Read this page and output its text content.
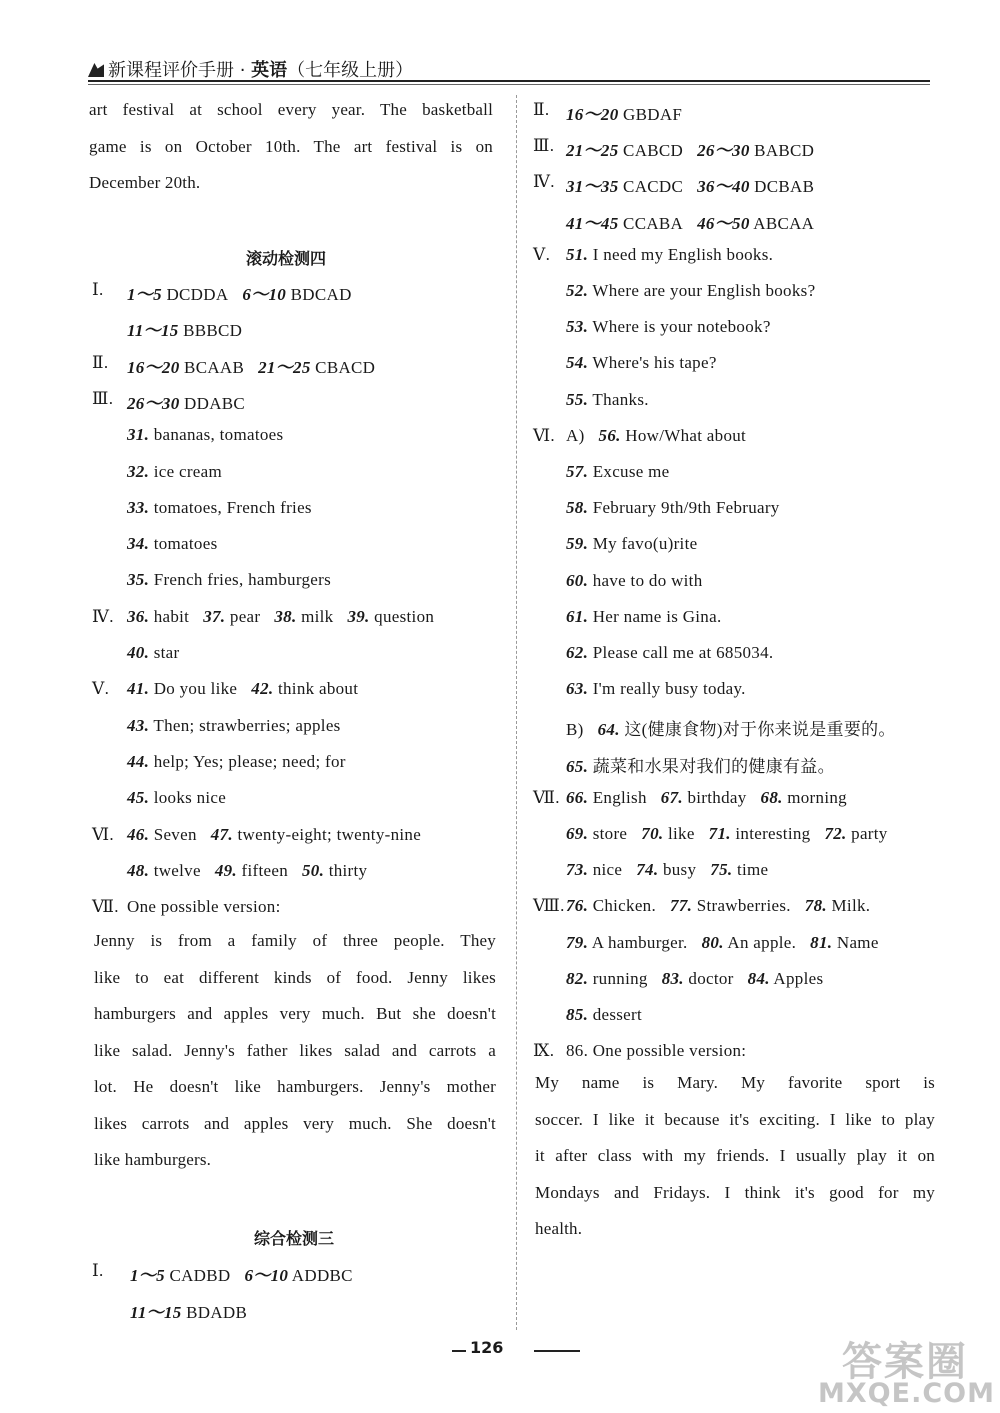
新课程评价手册 · 英语（七年级上册）
art festival at school every year. The basketball
game is on October 10th. The art festival is on
December 20th.
滚动检测四
Ⅰ. 1～5 DCDDA 6～10 BDCAD
11～15 BBBCD
Ⅱ. 16～20 BCAAB 21～25 CBACD
Ⅲ. 26～30 DDABC
31. bananas, tomatoes
32. ice cream
33. tomatoes, French fries
34. tomatoes
35. French fries, hamburgers
Ⅳ. 36. habit 37. pear 38. milk 39. question
40. star
Ⅴ. 41. Do you like 42. think about
43. Then; strawberries; apples
44. help; Yes; please; need; for
45. looks nice
Ⅵ. 46. Seven 47. twenty-eight; twenty-nine
48. twelve 49. fifteen 50. thirty
Ⅶ. One possible version:
Jenny is from a family of three people. They
like to eat different kinds of food. Jenny likes
hamburgers and apples very much. But she doesn't
like salad. Jenny's father likes salad and carrots a
lot. He doesn't like hamburgers. Jenny's mother
likes carrots and apples very much. She doesn't
like hamburgers.
综合检测三
Ⅰ. 1～5 CADBD 6～10 ADDBC
11～15 BDADB
Ⅱ. 16～20 GBDAF
Ⅲ. 21～25 CABCD 26～30 BABCD
Ⅳ. 31～35 CACDC 36～40 DCBAB
41～45 CCABA 46～50 ABCAA
Ⅴ. 51. I need my English books.
52. Where are your English books?
53. Where is your notebook?
54. Where's his tape?
55. Thanks.
Ⅵ. A) 56. How/What about
57. Excuse me
58. February 9th/9th February
59. My favo(u)rite
60. have to do with
61. Her name is Gina.
62. Please call me at 685034.
63. I'm really busy today.
B) 64. 这(健康食物)对于你来说是重要的。
65. 蔬菜和水果对我们的健康有益。
Ⅶ. 66. English 67. birthday 68. morning
69. store 70. like 71. interesting 72. party
73. nice 74. busy 75. time
Ⅷ. 76. Chicken. 77. Strawberries. 78. Milk.
79. A hamburger. 80. An apple. 81. Name
82. running 83. doctor 84. Apples
85. dessert
Ⅸ. 86. One possible version:
My name is Mary. My favorite sport is
soccer. I like it because it's exciting. I like to play
it after class with my friends. I usually play it on
Mondays and Fridays. I think it's good for my
health.
126	答案圈
MXQE.COM
